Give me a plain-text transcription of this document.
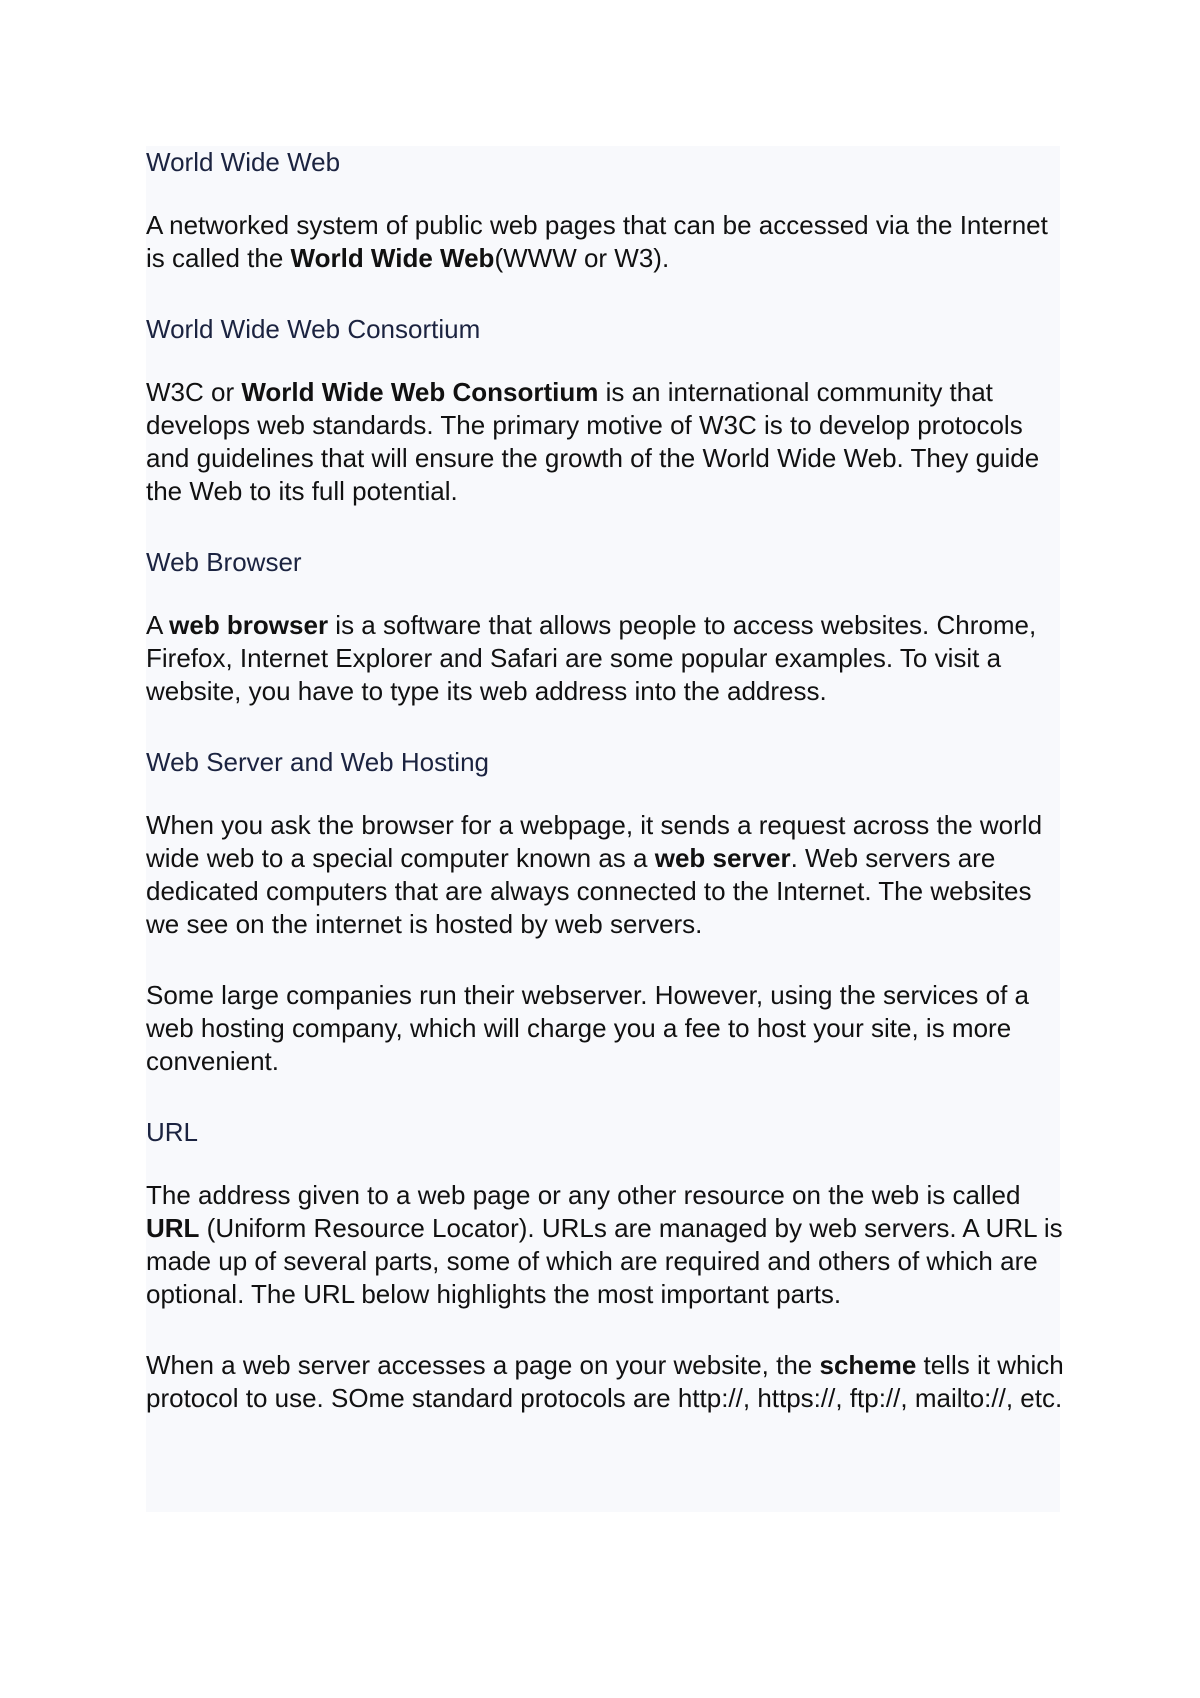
World Wide Web

A networked system of public web pages that can be accessed via the Internet is called the World Wide Web(WWW or W3).

World Wide Web Consortium

W3C or World Wide Web Consortium is an international community that develops web standards. The primary motive of W3C is to develop protocols and guidelines that will ensure the growth of the World Wide Web. They guide the Web to its full potential.

Web Browser

A web browser is a software that allows people to access websites. Chrome, Firefox, Internet Explorer and Safari are some popular examples. To visit a website, you have to type its web address into the address.

Web Server and Web Hosting

When you ask the browser for a webpage, it sends a request across the world wide web to a special computer known as a web server. Web servers are dedicated computers that are always connected to the Internet. The websites we see on the internet is hosted by web servers.

Some large companies run their webserver. However, using the services of a web hosting company, which will charge you a fee to host your site, is more convenient.

URL

The address given to a web page or any other resource on the web is called URL (Uniform Resource Locator). URLs are managed by web servers. A URL is made up of several parts, some of which are required and others of which are optional. The URL below highlights the most important parts.

When a web server accesses a page on your website, the scheme tells it which protocol to use. SOme standard protocols are http://, https://, ftp://, mailto://, etc.
